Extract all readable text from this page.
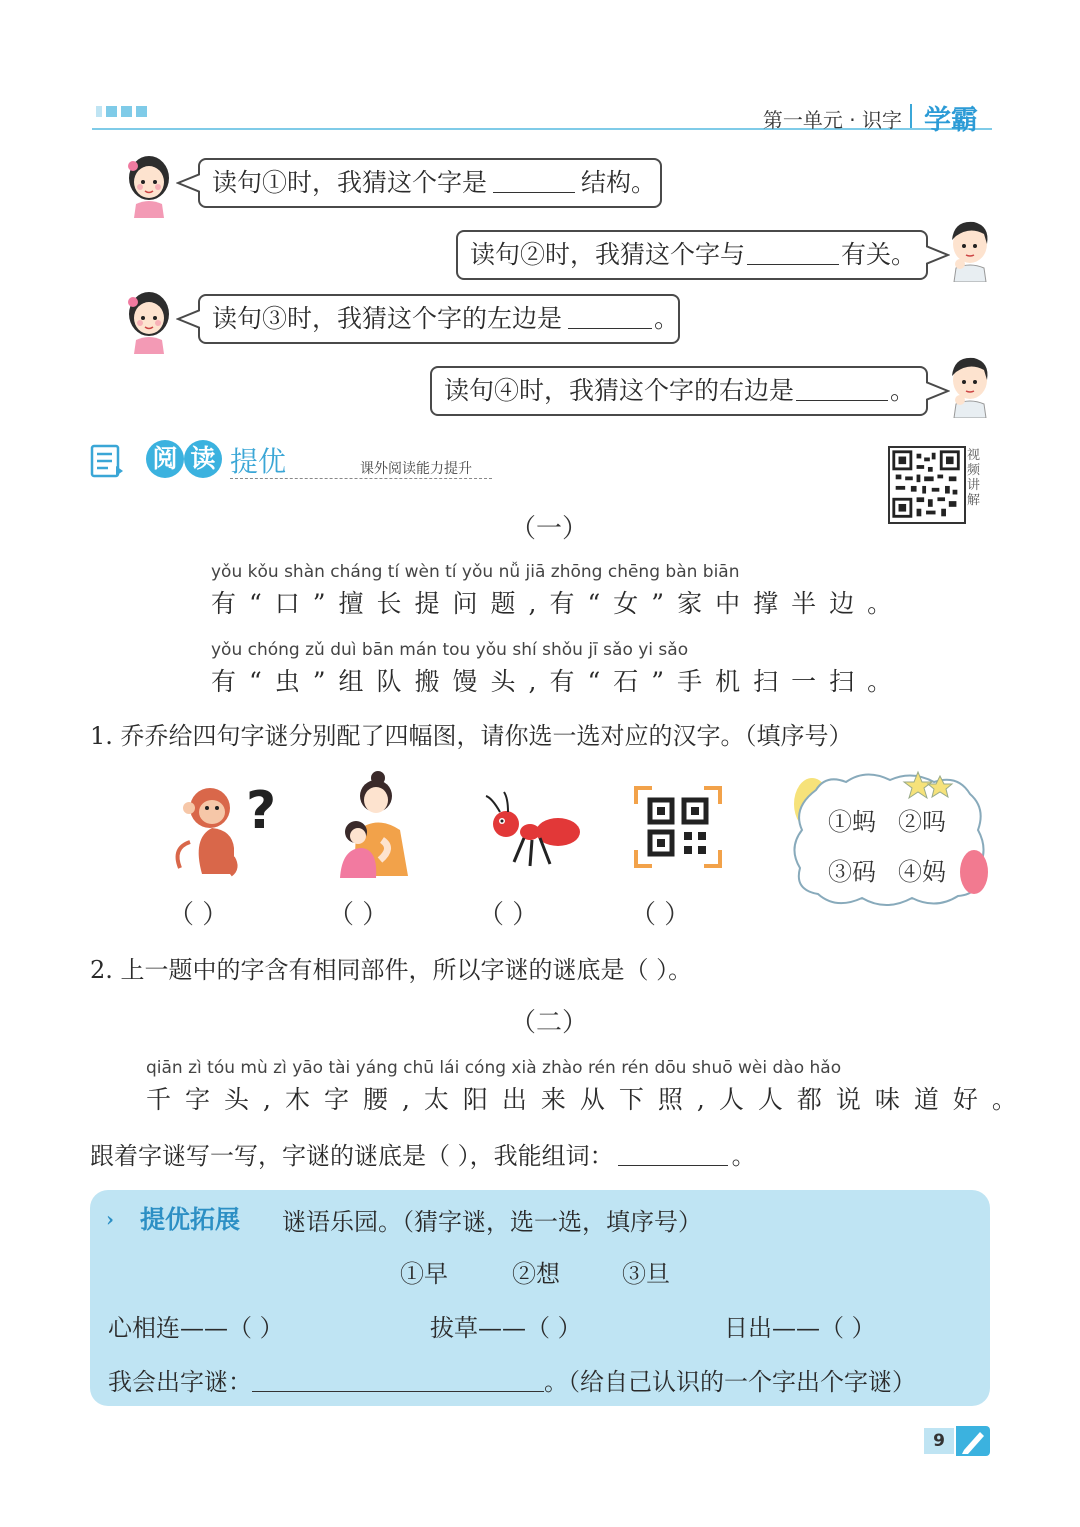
第一单元 · 识字 学霸
读句①时，我猜这个字是	结构。
读句②时，我猜这个字与	有关。
读句③时，我猜这个字的左边是	。
读句④时，我猜这个字的右边是	。
阅 读 提优	课外阅读能力提升
视频讲解
（一）
yǒu kǒu shàn cháng tí wèn tí yǒu nǚ jiā zhōng chēng bàn biān
有“口”擅长提问题,有“女”家中撑半边。
yǒu chóng zǔ duì bān mán tou yǒu shí shǒu jī sǎo yi sǎo
有“虫”组队搬馒头,有“石”手机扫一扫。
1. 乔乔给四句字谜分别配了四幅图，请你选一选对应的汉字。（填序号）
?
（ ）	（ ）	（ ）	（ ）
①蚂 ②吗
③码 ④妈
2. 上一题中的字含有相同部件，所以字谜的谜底是（ ）。
（二）
qiān zì tóu mù zì yāo tài yáng chū lái cóng xià zhào rén rén dōu shuō wèi dào hǎo
千字头,木字腰,太阳出来从下照,人人都说味道好。
跟着字谜写一写，字谜的谜底是（ ），我能组词：	。
› 提优拓展 谜语乐园。（猜字谜，选一选，填序号）
①早	②想	③旦
心相连——（ ）	拔草——（ ）	日出——（ ）
我会出字谜：	。（给自己认识的一个字出个字谜）
9
